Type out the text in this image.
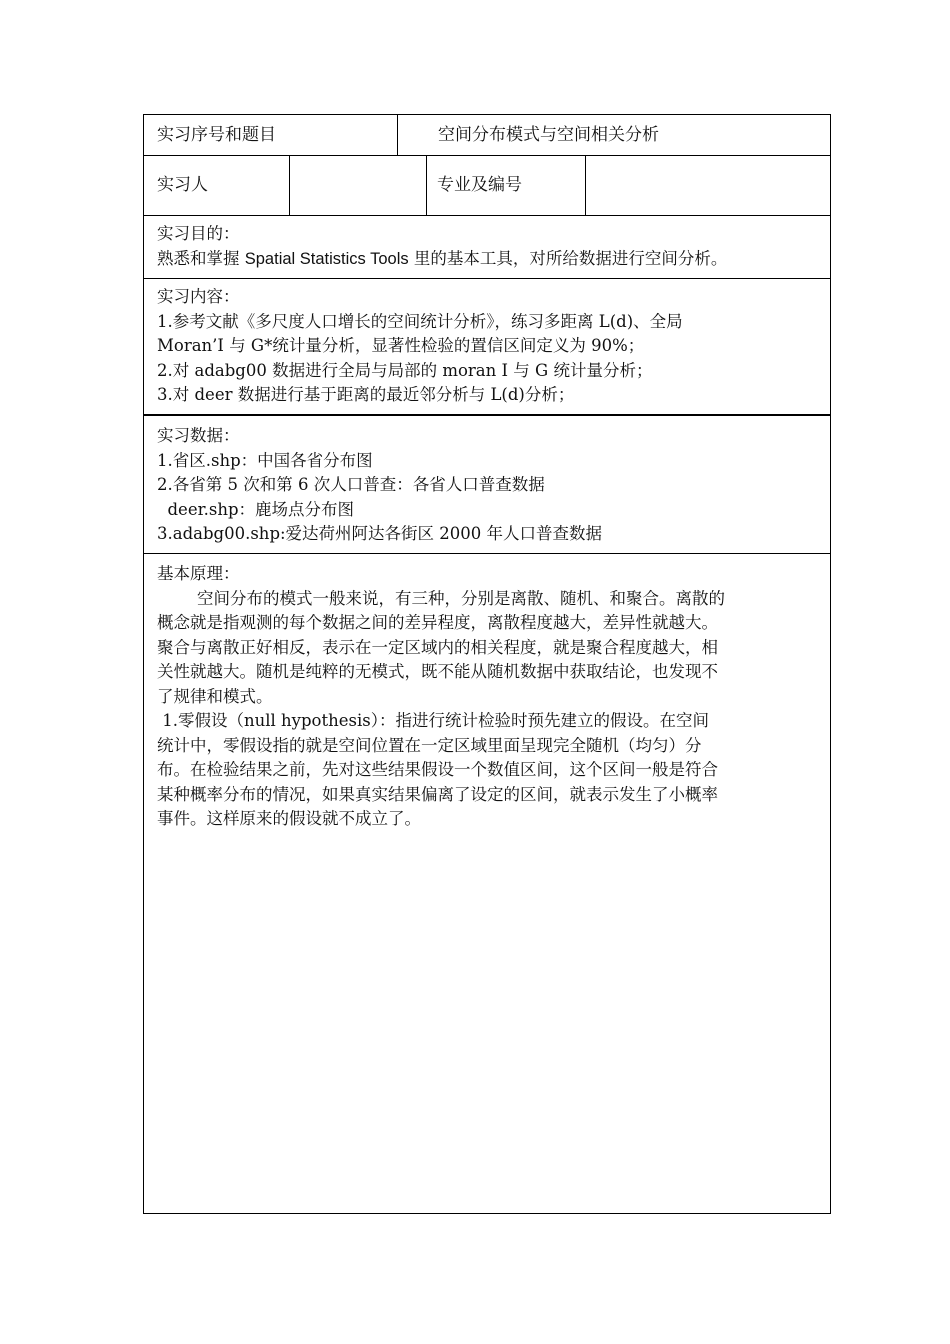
实习序号和题目	空间分布模式与空间相关分析
实习人	专业及编号
实习目的：
熟悉和掌握 Spatial Statistics Tools 里的基本工具，对所给数据进行空间分析。
实习内容：
1.参考文献《多尺度人口增长的空间统计分析》，练习多距离 L(d)、全局
Moran’I 与 G*统计量分析，显著性检验的置信区间定义为 90%；
2.对 adabg00 数据进行全局与局部的 moran I 与 G 统计量分析；
3.对 deer 数据进行基于距离的最近邻分析与 L(d)分析；
实习数据：
1.省区.shp：中国各省分布图
2.各省第 5 次和第 6 次人口普查：各省人口普查数据
deer.shp：鹿场点分布图
3.adabg00.shp:爱达荷州阿达各街区 2000 年人口普查数据
基本原理：
空间分布的模式一般来说，有三种，分别是离散、随机、和聚合。离散的
概念就是指观测的每个数据之间的差异程度，离散程度越大，差异性就越大。
聚合与离散正好相反，表示在一定区域内的相关程度，就是聚合程度越大，相
关性就越大。随机是纯粹的无模式，既不能从随机数据中获取结论，也发现不
了规律和模式。
1.零假设（null hypothesis）：指进行统计检验时预先建立的假设。在空间
统计中，零假设指的就是空间位置在一定区域里面呈现完全随机（均匀）分
布。在检验结果之前，先对这些结果假设一个数值区间，这个区间一般是符合
某种概率分布的情况，如果真实结果偏离了设定的区间，就表示发生了小概率
事件。这样原来的假设就不成立了。
